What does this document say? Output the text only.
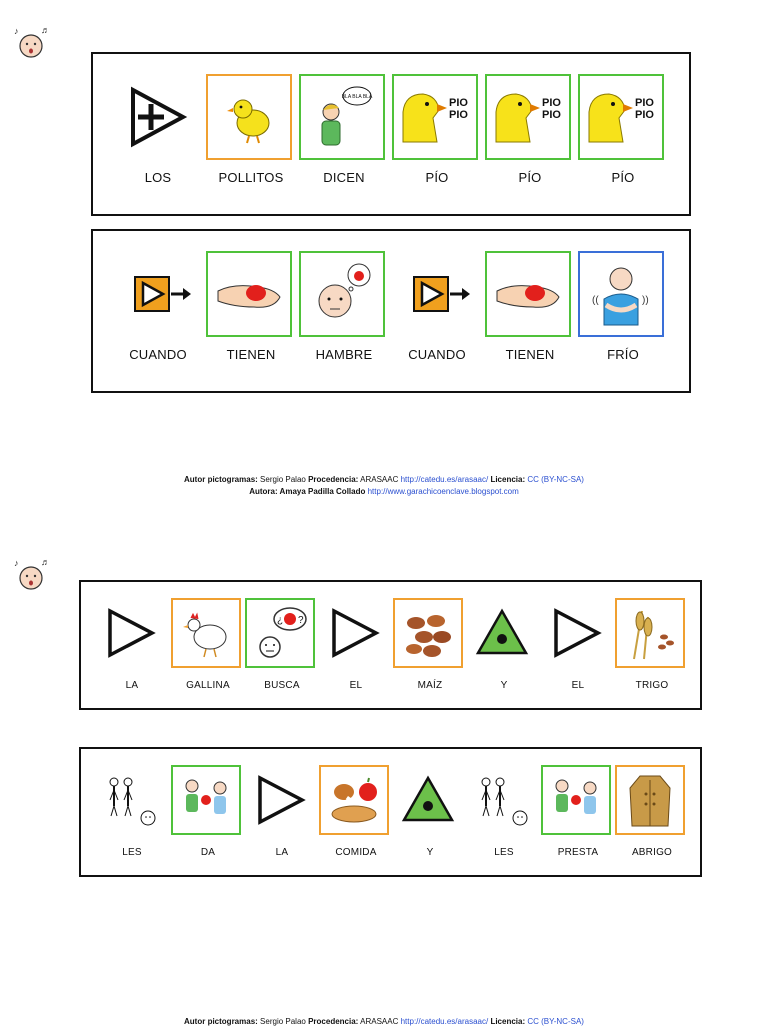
♪	♬
LOS	POLLITOS
BLA BLA BLA
DICEN
PIO PIO
PÍO
PIO PIO
PÍO
PIO PIO
PÍO
CUANDO	TIENEN	HAMBRE	CUANDO	TIENEN
((	))
FRÍO
Autor pictogramas: Sergio Palao Procedencia: ARASAAC http://catedu.es/arasaac/ Licencia: CC (BY-NC-SA)
Autora: Amaya Padilla Collado http://www.garachicoenclave.blogspot.com
♪	♬
LA	GALLINA
¿ ?
BUSCA	EL	MAÍZ	Y	EL	TRIGO
LES	DA	LA	COMIDA	Y	LES	PRESTA	ABRIGO
Autor pictogramas: Sergio Palao Procedencia: ARASAAC http://catedu.es/arasaac/ Licencia: CC (BY-NC-SA)
